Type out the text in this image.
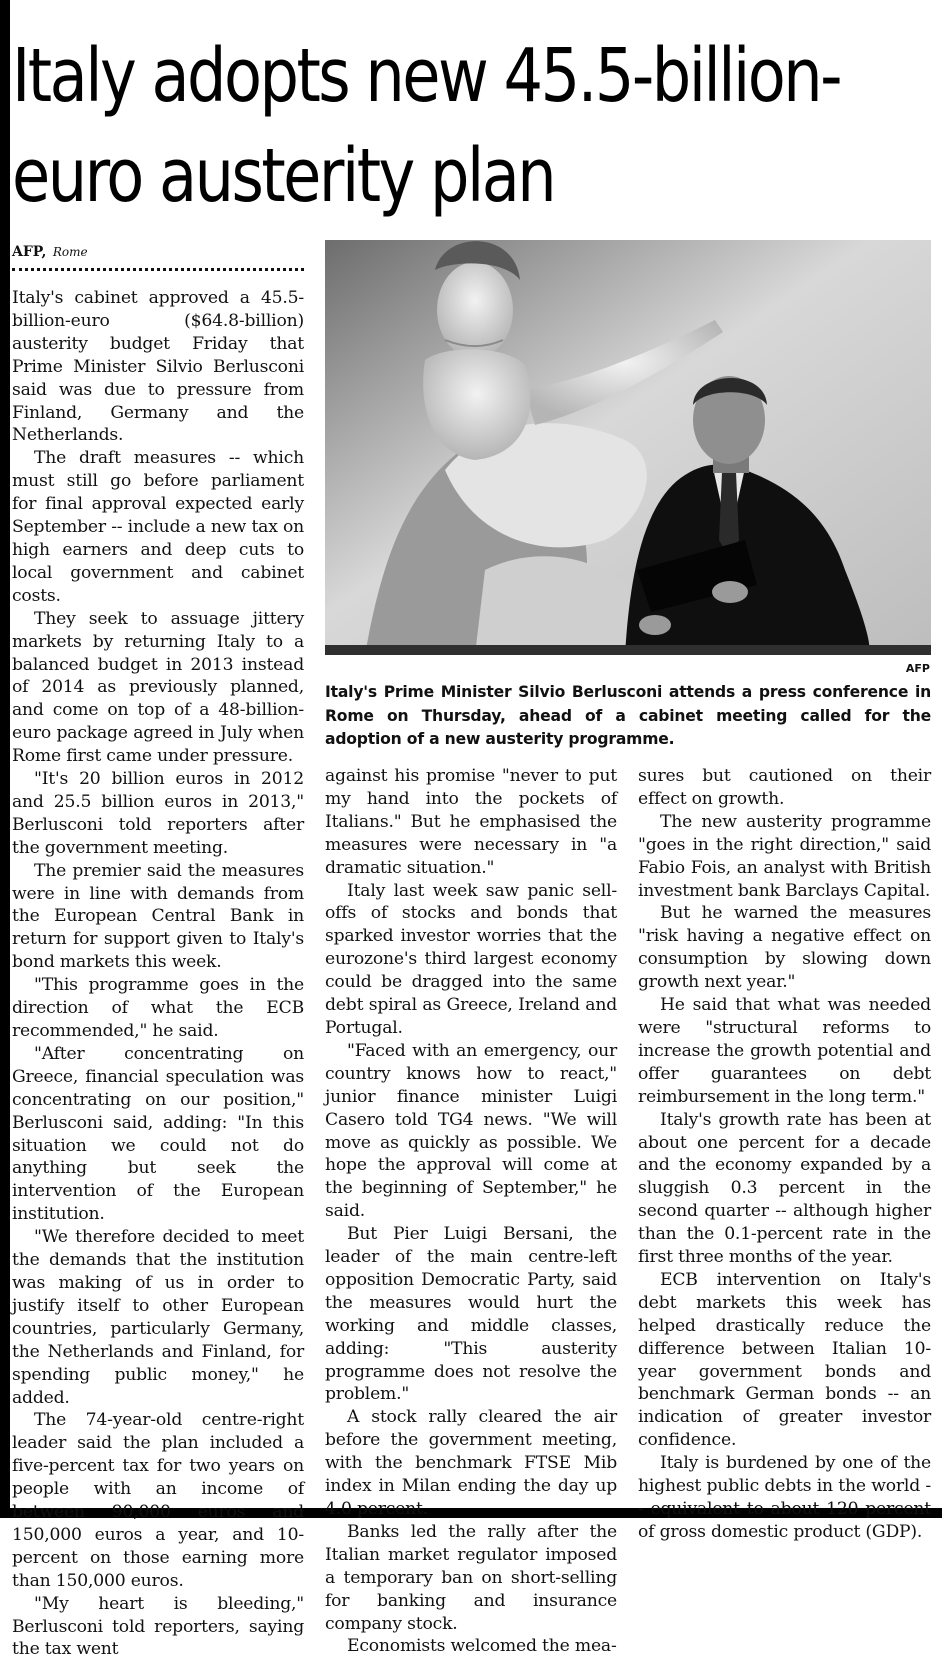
Italy adopts new 45.5-billion-euro austerity plan
AFP, Rome

Italy's cabinet approved a 45.5-billion-euro ($64.8-billion) austerity budget Friday that Prime Minister Silvio Berlusconi said was due to pressure from Finland, Germany and the Netherlands.

The draft measures -- which must still go before parliament for final approval expected early September -- include a new tax on high earners and deep cuts to local government and cabinet costs.

They seek to assuage jittery markets by returning Italy to a balanced budget in 2013 instead of 2014 as previously planned, and come on top of a 48-billion-euro package agreed in July when Rome first came under pressure.

"It's 20 billion euros in 2012 and 25.5 billion euros in 2013," Berlusconi told reporters after the government meeting.

The premier said the measures were in line with demands from the European Central Bank in return for support given to Italy's bond markets this week.

"This programme goes in the direction of what the ECB recommended," he said.

"After concentrating on Greece, financial speculation was concentrating on our position," Berlusconi said, adding: "In this situation we could not do anything but seek the intervention of the European institution.

"We therefore decided to meet the demands that the institution was making of us in order to justify itself to other European countries, particularly Germany, the Netherlands and Finland, for spending public money," he added.

The 74-year-old centre-right leader said the plan included a five-percent tax for two years on people with an income of between 90,000 euros and 150,000 euros a year, and 10-percent on those earning more than 150,000 euros.

"My heart is bleeding," Berlusconi told reporters, saying the tax went

AFP
Italy's Prime Minister Silvio Berlusconi attends a press conference in Rome on Thursday, ahead of a cabinet meeting called for the adoption of a new austerity programme.

against his promise "never to put my hand into the pockets of Italians." But he emphasised the measures were necessary in "a dramatic situation."

Italy last week saw panic sell-offs of stocks and bonds that sparked investor worries that the eurozone's third largest economy could be dragged into the same debt spiral as Greece, Ireland and Portugal.

"Faced with an emergency, our country knows how to react," junior finance minister Luigi Casero told TG4 news. "We will move as quickly as possible. We hope the approval will come at the beginning of September," he said.

But Pier Luigi Bersani, the leader of the main centre-left opposition Democratic Party, said the measures would hurt the working and middle classes, adding: "This austerity programme does not resolve the problem."

A stock rally cleared the air before the government meeting, with the benchmark FTSE Mib index in Milan ending the day up 4.0 percent.

Banks led the rally after the Italian market regulator imposed a temporary ban on short-selling for banking and insurance company stock.

Economists welcomed the mea-

sures but cautioned on their effect on growth.

The new austerity programme "goes in the right direction," said Fabio Fois, an analyst with British investment bank Barclays Capital.

But he warned the measures "risk having a negative effect on consumption by slowing down growth next year."

He said that what was needed were "structural reforms to increase the growth potential and offer guarantees on debt reimbursement in the long term."

Italy's growth rate has been at about one percent for a decade and the economy expanded by a sluggish 0.3 percent in the second quarter -- although higher than the 0.1-percent rate in the first three months of the year.

ECB intervention on Italy's debt markets this week has helped drastically reduce the difference between Italian 10-year government bonds and benchmark German bonds -- an indication of greater investor confidence.

Italy is burdened by one of the highest public debts in the world -- equivalent to about 120 percent of gross domestic product (GDP).
